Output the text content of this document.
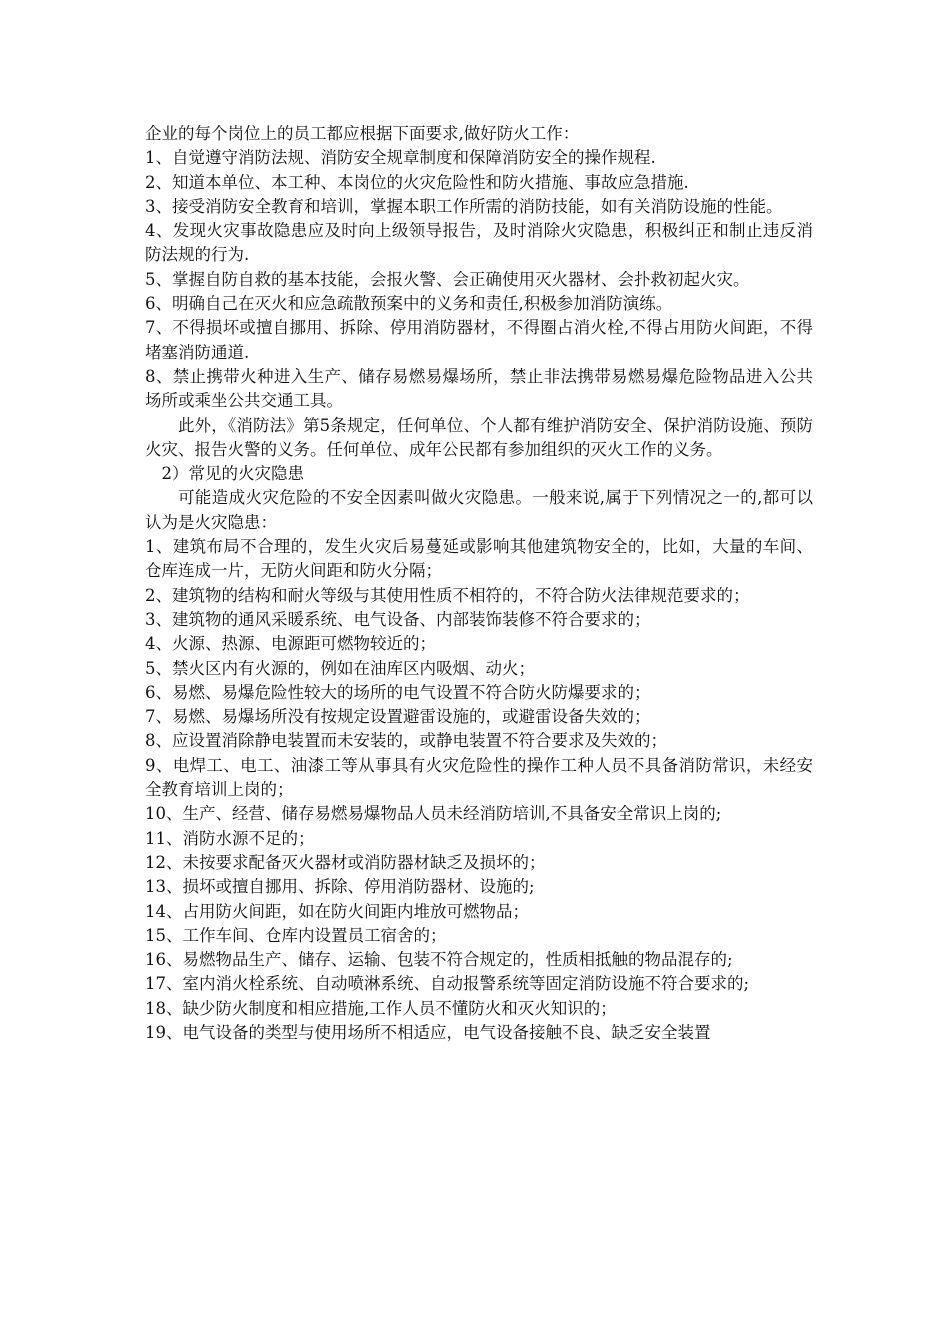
企业的每个岗位上的员工都应根据下面要求,做好防火工作：

1、自觉遵守消防法规、消防安全规章制度和保障消防安全的操作规程.

2、知道本单位、本工种、本岗位的火灾危险性和防火措施、事故应急措施.

3、接受消防安全教育和培训，掌握本职工作所需的消防技能，如有关消防设施的性能。

4、发现火灾事故隐患应及时向上级领导报告，及时消除火灾隐患，积极纠正和制止违反消防法规的行为.

5、掌握自防自救的基本技能，会报火警、会正确使用灭火器材、会扑救初起火灾。

6、明确自己在灭火和应急疏散预案中的义务和责任,积极参加消防演练。

7、不得损坏或擅自挪用、拆除、停用消防器材，不得圈占消火栓,不得占用防火间距，不得堵塞消防通道.

8、禁止携带火种进入生产、储存易燃易爆场所，禁止非法携带易燃易爆危险物品进入公共场所或乘坐公共交通工具。

此外，《消防法》第5条规定，任何单位、个人都有维护消防安全、保护消防设施、预防火灾、报告火警的义务。任何单位、成年公民都有参加组织的灭火工作的义务。

2）常见的火灾隐患

可能造成火灾危险的不安全因素叫做火灾隐患。一般来说,属于下列情况之一的,都可以认为是火灾隐患：

1、建筑布局不合理的，发生火灾后易蔓延或影响其他建筑物安全的，比如，大量的车间、仓库连成一片，无防火间距和防火分隔；

2、建筑物的结构和耐火等级与其使用性质不相符的，不符合防火法律规范要求的；

3、建筑物的通风采暖系统、电气设备、内部装饰装修不符合要求的；

4、火源、热源、电源距可燃物较近的；

5、禁火区内有火源的，例如在油库区内吸烟、动火；

6、易燃、易爆危险性较大的场所的电气设置不符合防火防爆要求的；

7、易燃、易爆场所没有按规定设置避雷设施的，或避雷设备失效的；

8、应设置消除静电装置而未安装的，或静电装置不符合要求及失效的；

9、电焊工、电工、油漆工等从事具有火灾危险性的操作工种人员不具备消防常识，未经安全教育培训上岗的；

10、生产、经营、储存易燃易爆物品人员未经消防培训,不具备安全常识上岗的;

11、消防水源不足的；

12、未按要求配备灭火器材或消防器材缺乏及损坏的；

13、损坏或擅自挪用、拆除、停用消防器材、设施的;

14、占用防火间距，如在防火间距内堆放可燃物品；

15、工作车间、仓库内设置员工宿舍的；

16、易燃物品生产、储存、运输、包装不符合规定的，性质相抵触的物品混存的;

17、室内消火栓系统、自动喷淋系统、自动报警系统等固定消防设施不符合要求的;

18、缺少防火制度和相应措施,工作人员不懂防火和灭火知识的；

19、电气设备的类型与使用场所不相适应，电气设备接触不良、缺乏安全装置
